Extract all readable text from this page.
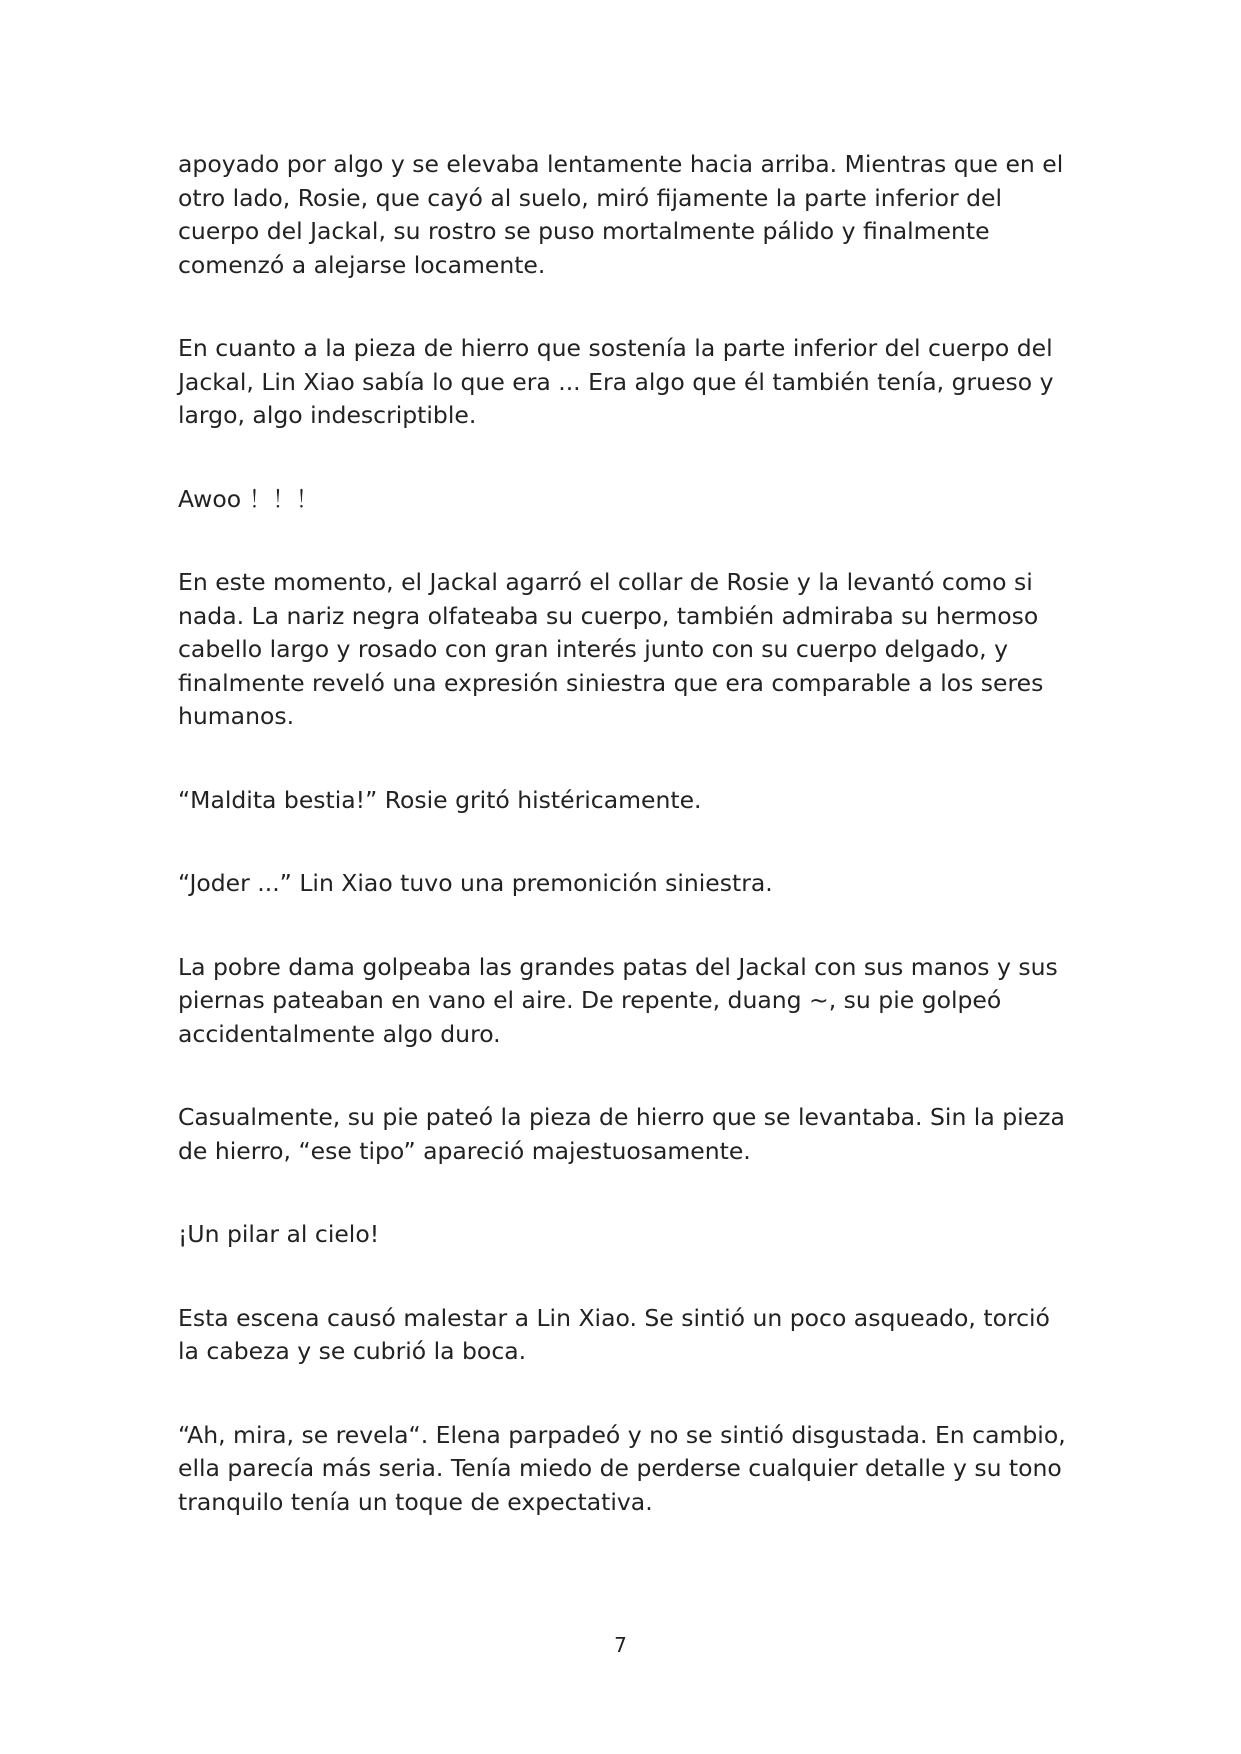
apoyado por algo y se elevaba lentamente hacia arriba. Mientras que en el otro lado, Rosie, que cayó al suelo, miró fijamente la parte inferior del cuerpo del Jackal, su rostro se puso mortalmente pálido y finalmente comenzó a alejarse locamente.

En cuanto a la pieza de hierro que sostenía la parte inferior del cuerpo del Jackal, Lin Xiao sabía lo que era ... Era algo que él también tenía, grueso y largo, algo indescriptible.

Awoo ！！！

En este momento, el Jackal agarró el collar de Rosie y la levantó como si nada. La nariz negra olfateaba su cuerpo, también admiraba su hermoso cabello largo y rosado con gran interés junto con su cuerpo delgado, y finalmente reveló una expresión siniestra que era comparable a los seres humanos.

“Maldita bestia!” Rosie gritó histéricamente.

“Joder ...” Lin Xiao tuvo una premonición siniestra.

La pobre dama golpeaba las grandes patas del Jackal con sus manos y sus piernas pateaban en vano el aire. De repente, duang ~, su pie golpeó accidentalmente algo duro.

Casualmente, su pie pateó la pieza de hierro que se levantaba. Sin la pieza de hierro, “ese tipo” apareció majestuosamente.

¡Un pilar al cielo!

Esta escena causó malestar a Lin Xiao. Se sintió un poco asqueado, torció la cabeza y se cubrió la boca.

“Ah, mira, se revela“. Elena parpadeó y no se sintió disgustada. En cambio, ella parecía más seria. Tenía miedo de perderse cualquier detalle y su tono tranquilo tenía un toque de expectativa.

7
